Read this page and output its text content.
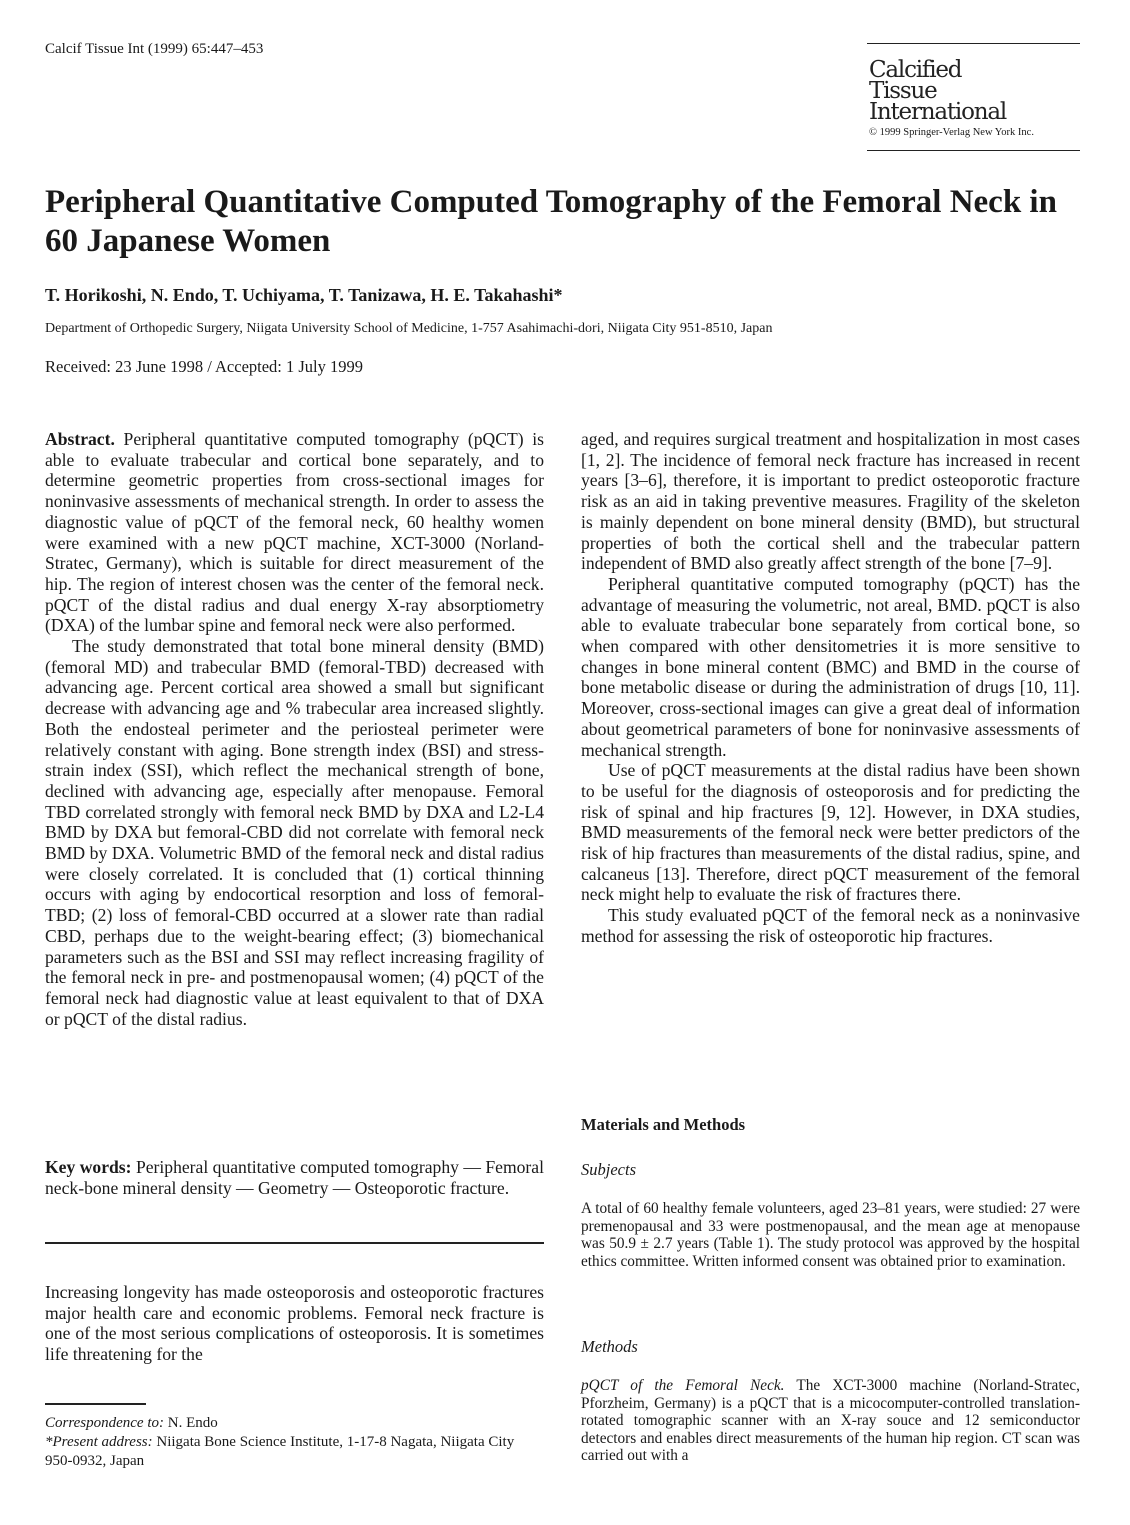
Calcif Tissue Int (1999) 65:447–453
Calcified
Tissue
International
© 1999 Springer-Verlag New York Inc.
Peripheral Quantitative Computed Tomography of the Femoral Neck in 60 Japanese Women
T. Horikoshi, N. Endo, T. Uchiyama, T. Tanizawa, H. E. Takahashi*
Department of Orthopedic Surgery, Niigata University School of Medicine, 1-757 Asahimachi-dori, Niigata City 951-8510, Japan
Received: 23 June 1998 / Accepted: 1 July 1999

Abstract. Peripheral quantitative computed tomography (pQCT) is able to evaluate trabecular and cortical bone separately, and to determine geometric properties from cross-sectional images for noninvasive assessments of mechanical strength. In order to assess the diagnostic value of pQCT of the femoral neck, 60 healthy women were examined with a new pQCT machine, XCT-3000 (Norland-Stratec, Germany), which is suitable for direct measurement of the hip. The region of interest chosen was the center of the femoral neck. pQCT of the distal radius and dual energy X-ray absorptiometry (DXA) of the lumbar spine and femoral neck were also performed.

The study demonstrated that total bone mineral density (BMD) (femoral MD) and trabecular BMD (femoral-TBD) decreased with advancing age. Percent cortical area showed a small but significant decrease with advancing age and % trabecular area increased slightly. Both the endosteal perimeter and the periosteal perimeter were relatively constant with aging. Bone strength index (BSI) and stress-strain index (SSI), which reflect the mechanical strength of bone, declined with advancing age, especially after menopause. Femoral TBD correlated strongly with femoral neck BMD by DXA and L2-L4 BMD by DXA but femoral-CBD did not correlate with femoral neck BMD by DXA. Volumetric BMD of the femoral neck and distal radius were closely correlated. It is concluded that (1) cortical thinning occurs with aging by endocortical resorption and loss of femoral-TBD; (2) loss of femoral-CBD occurred at a slower rate than radial CBD, perhaps due to the weight-bearing effect; (3) biomechanical parameters such as the BSI and SSI may reflect increasing fragility of the femoral neck in pre- and postmenopausal women; (4) pQCT of the femoral neck had diagnostic value at least equivalent to that of DXA or pQCT of the distal radius.

Key words: Peripheral quantitative computed tomography — Femoral neck-bone mineral density — Geometry — Osteoporotic fracture.

Increasing longevity has made osteoporosis and osteoporotic fractures major health care and economic problems. Femoral neck fracture is one of the most serious complications of osteoporosis. It is sometimes life threatening for the

Correspondence to: N. Endo
*Present address: Niigata Bone Science Institute, 1-17-8 Nagata, Niigata City 950-0932, Japan

aged, and requires surgical treatment and hospitalization in most cases [1, 2]. The incidence of femoral neck fracture has increased in recent years [3–6], therefore, it is important to predict osteoporotic fracture risk as an aid in taking preventive measures. Fragility of the skeleton is mainly dependent on bone mineral density (BMD), but structural properties of both the cortical shell and the trabecular pattern independent of BMD also greatly affect strength of the bone [7–9].

Peripheral quantitative computed tomography (pQCT) has the advantage of measuring the volumetric, not areal, BMD. pQCT is also able to evaluate trabecular bone separately from cortical bone, so when compared with other densitometries it is more sensitive to changes in bone mineral content (BMC) and BMD in the course of bone metabolic disease or during the administration of drugs [10, 11]. Moreover, cross-sectional images can give a great deal of information about geometrical parameters of bone for noninvasive assessments of mechanical strength.

Use of pQCT measurements at the distal radius have been shown to be useful for the diagnosis of osteoporosis and for predicting the risk of spinal and hip fractures [9, 12]. However, in DXA studies, BMD measurements of the femoral neck were better predictors of the risk of hip fractures than measurements of the distal radius, spine, and calcaneus [13]. Therefore, direct pQCT measurement of the femoral neck might help to evaluate the risk of fractures there.

This study evaluated pQCT of the femoral neck as a noninvasive method for assessing the risk of osteoporotic hip fractures.

Materials and Methods
Subjects
A total of 60 healthy female volunteers, aged 23–81 years, were studied: 27 were premenopausal and 33 were postmenopausal, and the mean age at menopause was 50.9 ± 2.7 years (Table 1). The study protocol was approved by the hospital ethics committee. Written informed consent was obtained prior to examination.
Methods
pQCT of the Femoral Neck. The XCT-3000 machine (Norland-Stratec, Pforzheim, Germany) is a pQCT that is a micocomputer-controlled translation-rotated tomographic scanner with an X-ray souce and 12 semiconductor detectors and enables direct measurements of the human hip region. CT scan was carried out with a
